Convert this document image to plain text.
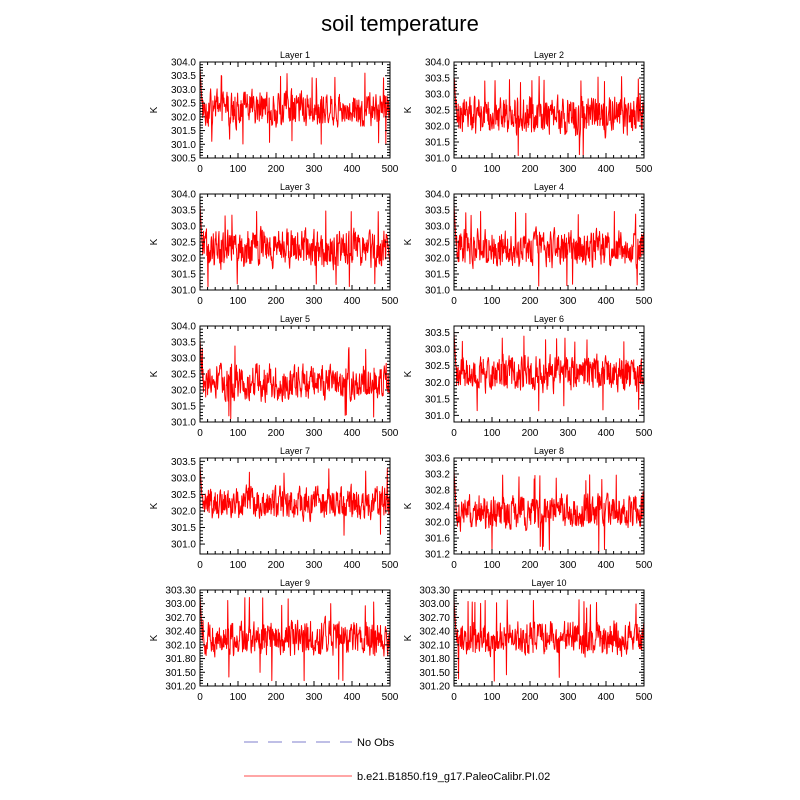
soil temperature
Layer 1
K
0	100 200 300 400 500
300.5
301.0
301.5
302.0
302.5
303.0
303.5
304.0
Layer 2
K
0	100 200 300 400 500
301.0
301.5
302.0
302.5
303.0
303.5
304.0
Layer 3
K
0	100 200 300 400 500
301.0
301.5
302.0
302.5
303.0
303.5
304.0
Layer 4
K
0	100 200 300 400 500
301.0
301.5
302.0
302.5
303.0
303.5
304.0
Layer 5
K
0	100 200 300 400 500
301.0
301.5
302.0
302.5
303.0
303.5
304.0
Layer 6
K
0	100 200 300 400 500
301.0
301.5
302.0
302.5
303.0
303.5
Layer 7
K
0	100 200 300 400 500
301.0
301.5
302.0
302.5
303.0
303.5
Layer 8
K
0	100 200 300 400 500
301.2
301.6
302.0
302.4
302.8
303.2
303.6
Layer 9
K
0	100 200 300 400 500
301.20
301.50
301.80
302.10
302.40
302.70
303.00
303.30
Layer 10
K
0	100 200 300 400 500
301.20
301.50
301.80
302.10
302.40
302.70
303.00
303.30
No Obs
b.e21.B1850.f19_g17.PaleoCalibr.PI.02
